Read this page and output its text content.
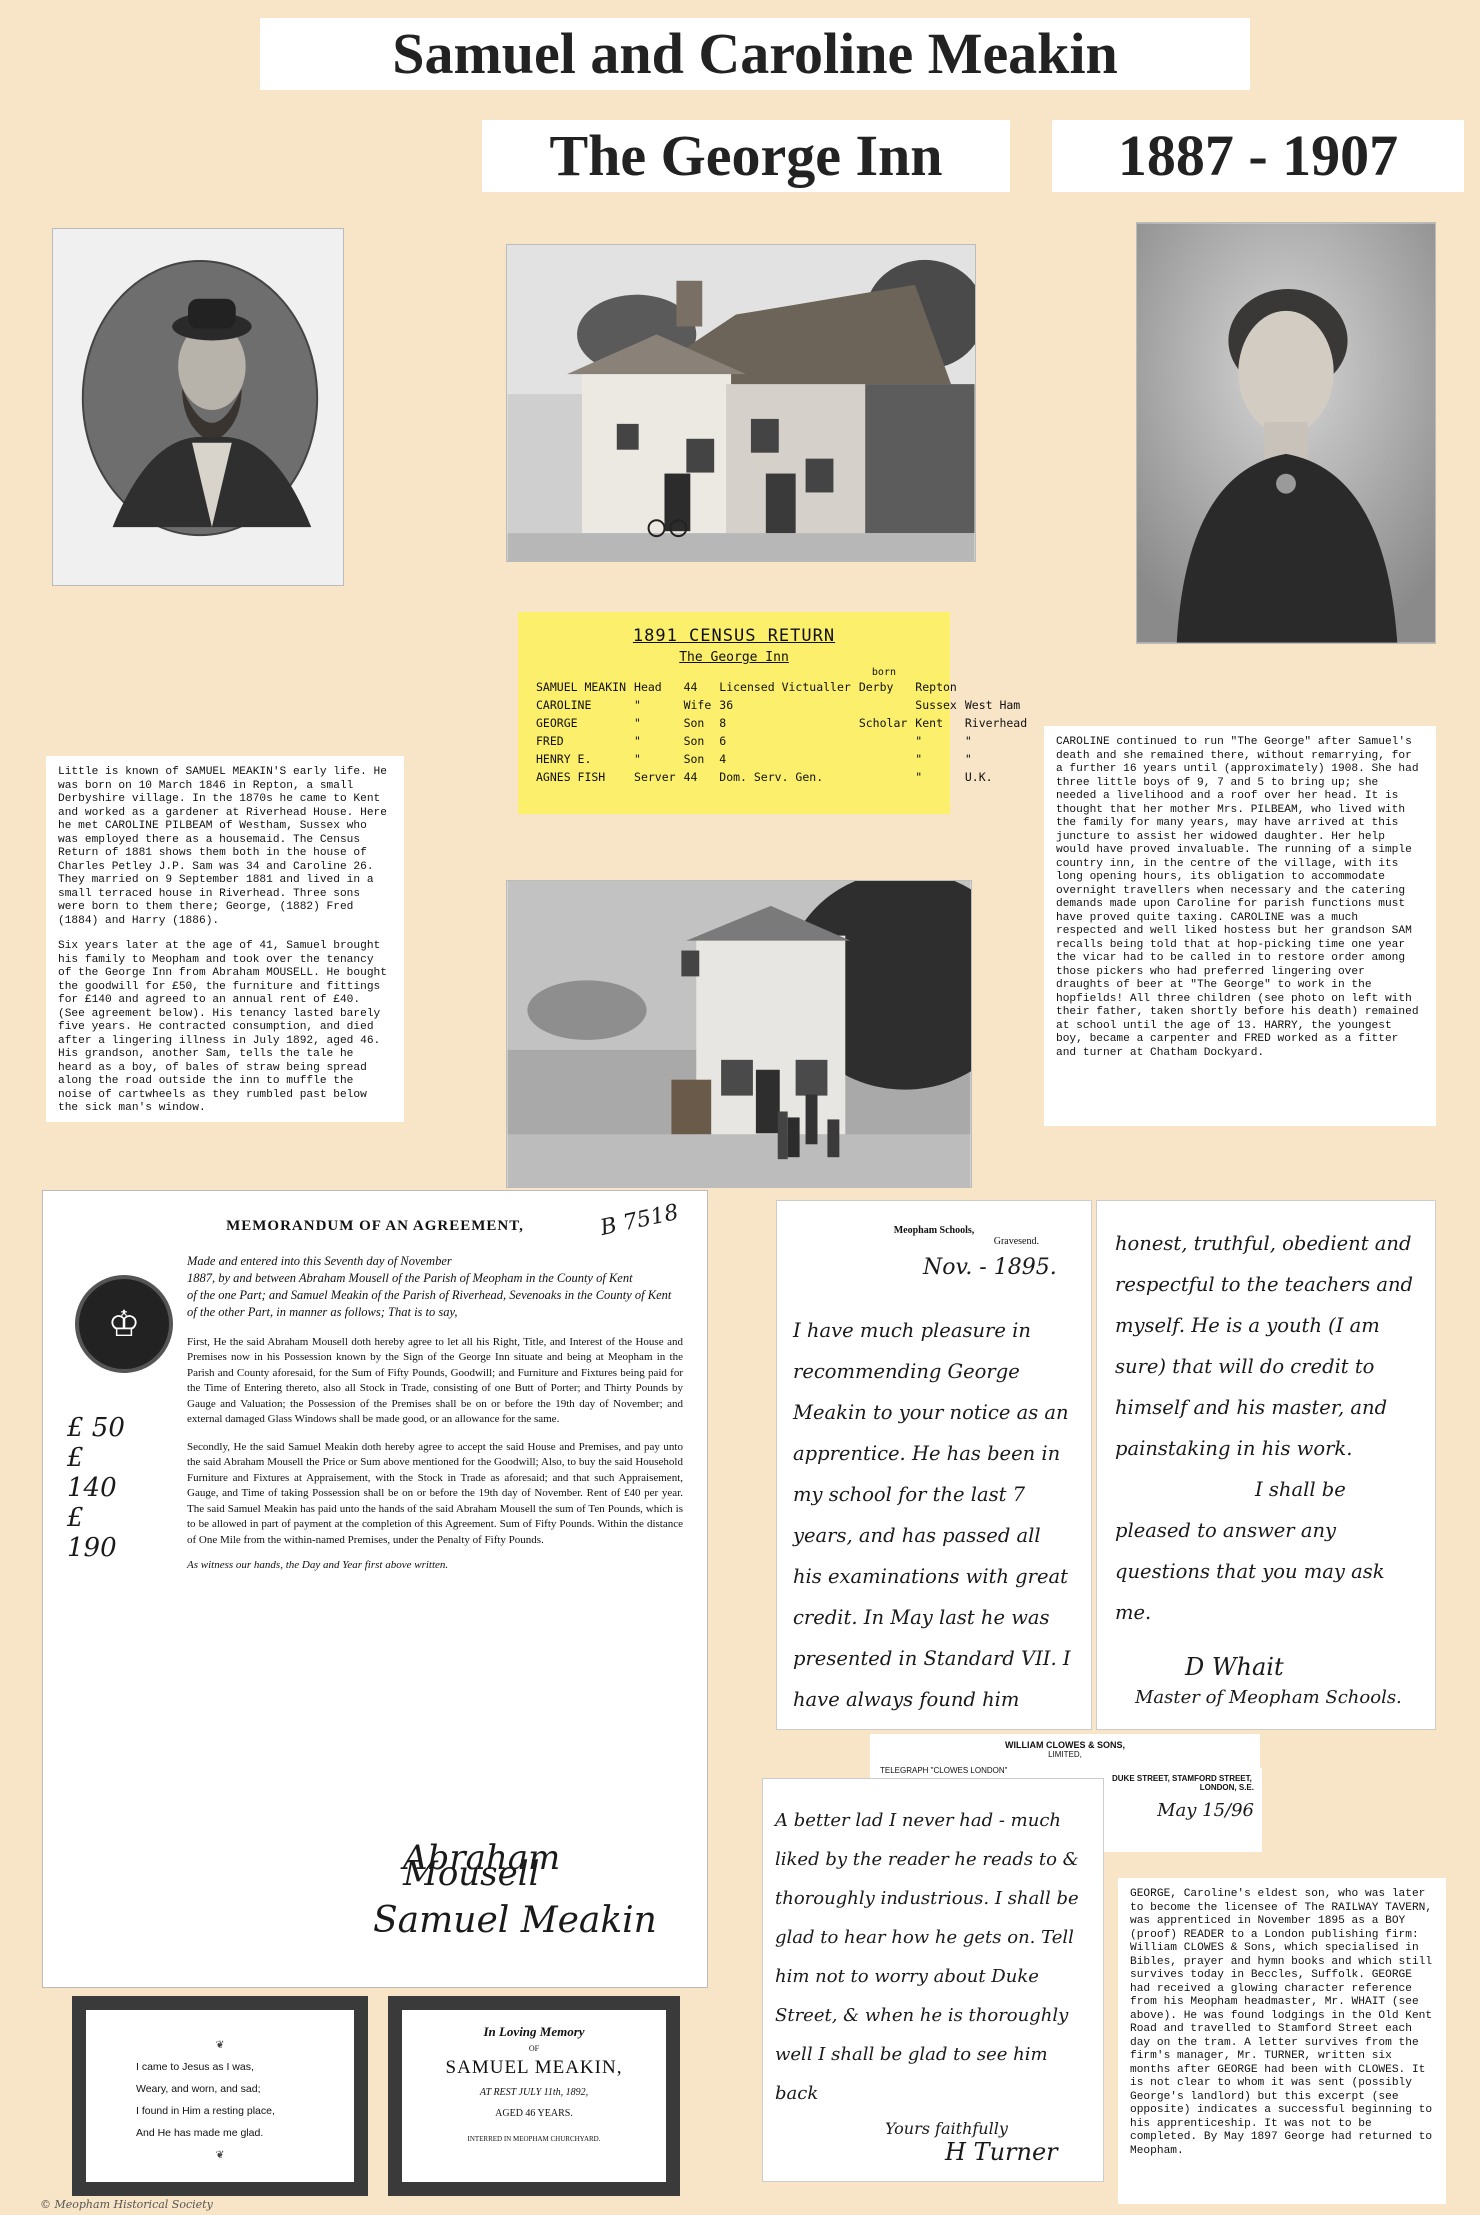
Samuel and Caroline Meakin
The George Inn	1887 - 1907
1891 CENSUS RETURN
The George Inn
born
SAMUEL MEAKIN	Head	44	Licensed Victualler	Derby	Repton	
CAROLINE	"	Wife	36		Sussex	West Ham
GEORGE	"	Son	8	Scholar	Kent	Riverhead
FRED	"	Son	6		"	"
HENRY E.	"	Son	4		"	"
AGNES FISH	Server	44	Dom. Serv. Gen.		"	U.K.

Little is known of SAMUEL MEAKIN'S early life. He was born on 10 March 1846 in Repton, a small Derbyshire village. In the 1870s he came to Kent and worked as a gardener at Riverhead House. Here he met CAROLINE PILBEAM of Westham, Sussex who was employed there as a housemaid. The Census Return of 1881 shows them both in the house of Charles Petley J.P. Sam was 34 and Caroline 26. They married on 9 September 1881 and lived in a small terraced house in Riverhead. Three sons were born to them there; George, (1882) Fred (1884) and Harry (1886).

Six years later at the age of 41, Samuel brought his family to Meopham and took over the tenancy of the George Inn from Abraham MOUSELL. He bought the goodwill for £50, the furniture and fittings for £140 and agreed to an annual rent of £40. (See agreement below). His tenancy lasted barely five years. He contracted consumption, and died after a lingering illness in July 1892, aged 46. His grandson, another Sam, tells the tale he heard as a boy, of bales of straw being spread along the road outside the inn to muffle the noise of cartwheels as they rumbled past below the sick man's window.

CAROLINE continued to run "The George" after Samuel's death and she remained there, without remarrying, for a further 16 years until (approximately) 1908. She had three little boys of 9, 7 and 5 to bring up; she needed a livelihood and a roof over her head. It is thought that her mother Mrs. PILBEAM, who lived with the family for many years, may have arrived at this juncture to assist her widowed daughter. Her help would have proved invaluable. The running of a simple country inn, in the centre of the village, with its long opening hours, its obligation to accommodate overnight travellers when necessary and the catering demands made upon Caroline for parish functions must have proved quite taxing. CAROLINE was a much respected and well liked hostess but her grandson SAM recalls being told that at hop-picking time one year the vicar had to be called in to restore order among those pickers who had preferred lingering over draughts of beer at "The George" to work in the hopfields! All three children (see photo on left with their father, taken shortly before his death) remained at school until the age of 13. HARRY, the youngest boy, became a carpenter and FRED worked as a fitter and turner at Chatham Dockyard.

MEMORANDUM OF AN AGREEMENT,	B 7518
♔
Made and entered into this Seventh day of November
1887, by and between Abraham Mousell of the Parish of Meopham in the County of Kent
of the one Part; and Samuel Meakin of the Parish of Riverhead, Sevenoaks in the County of Kent
of the other Part, in manner as follows; That is to say,
£ 50
£ 140
£ 190

First, He the said Abraham Mousell doth hereby agree to let all his Right, Title, and Interest of the House and Premises now in his Possession known by the Sign of the George Inn situate and being at Meopham in the Parish and County aforesaid, for the Sum of Fifty Pounds, Goodwill; and Furniture and Fixtures being paid for the Time of Entering thereto, also all Stock in Trade, consisting of one Butt of Porter; and Thirty Pounds by Gauge and Valuation; the Possession of the Premises shall be on or before the 19th day of November; and external damaged Glass Windows shall be made good, or an allowance for the same.

Secondly, He the said Samuel Meakin doth hereby agree to accept the said House and Premises, and pay unto the said Abraham Mousell the Price or Sum above mentioned for the Goodwill; Also, to buy the said Household Furniture and Fixtures at Appraisement, with the Stock in Trade as aforesaid; and that such Appraisement, Gauge, and Time of taking Possession shall be on or before the 19th day of November. Rent of £40 per year. The said Samuel Meakin has paid unto the hands of the said Abraham Mousell the sum of Ten Pounds, which is to be allowed in part of payment at the completion of this Agreement. Sum of Fifty Pounds. Within the distance of One Mile from the within-named Premises, under the Penalty of Fifty Pounds.

As witness our hands, the Day and Year first above written.

Abraham Mousell
Samuel Meakin
Meopham Schools,
Gravesend.
Nov. - 1895.
I have much pleasure in recommending George Meakin to your notice as an apprentice. He has been in my school for the last 7 years, and has passed all his examinations with great credit. In May last he was presented in Standard VII. I have always found him
honest, truthful, obedient and respectful to the teachers and myself. He is a youth (I am sure) that will do credit to himself and his master, and painstaking in his work.
I shall be pleased to answer any questions that you may ask me.
D Whait
Master of Meopham Schools.
WILLIAM CLOWES & SONS,
LIMITED,
TELEGRAPH "CLOWES LONDON"
DUKE STREET, STAMFORD STREET,
LONDON, S.E.
May 15/96
A better lad I never had - much liked by the reader he reads to & thoroughly industrious. I shall be glad to hear how he gets on. Tell him not to worry about Duke Street, & when he is thoroughly well I shall be glad to see him back
Yours faithfully
H Turner

GEORGE, Caroline's eldest son, who was later to become the licensee of The RAILWAY TAVERN, was apprenticed in November 1895 as a BOY (proof) READER to a London publishing firm: William CLOWES & Sons, which specialised in Bibles, prayer and hymn books and which still survives today in Beccles, Suffolk. GEORGE had received a glowing character reference from his Meopham headmaster, Mr. WHAIT (see above). He was found lodgings in the Old Kent Road and travelled to Stamford Street each day on the tram. A letter survives from the firm's manager, Mr. TURNER, written six months after GEORGE had been with CLOWES. It is not clear to whom it was sent (possibly George's landlord) but this excerpt (see opposite) indicates a successful beginning to his apprenticeship. It was not to be completed. By May 1897 George had returned to Meopham.

❦
I came to Jesus as I was,
Weary, and worn, and sad;
I found in Him a resting place,
And He has made me glad.
❦
In Loving Memory
OF
SAMUEL MEAKIN,
AT REST JULY 11th, 1892,
AGED 46 YEARS.
INTERRED IN MEOPHAM CHURCHYARD.
© Meopham Historical Society
